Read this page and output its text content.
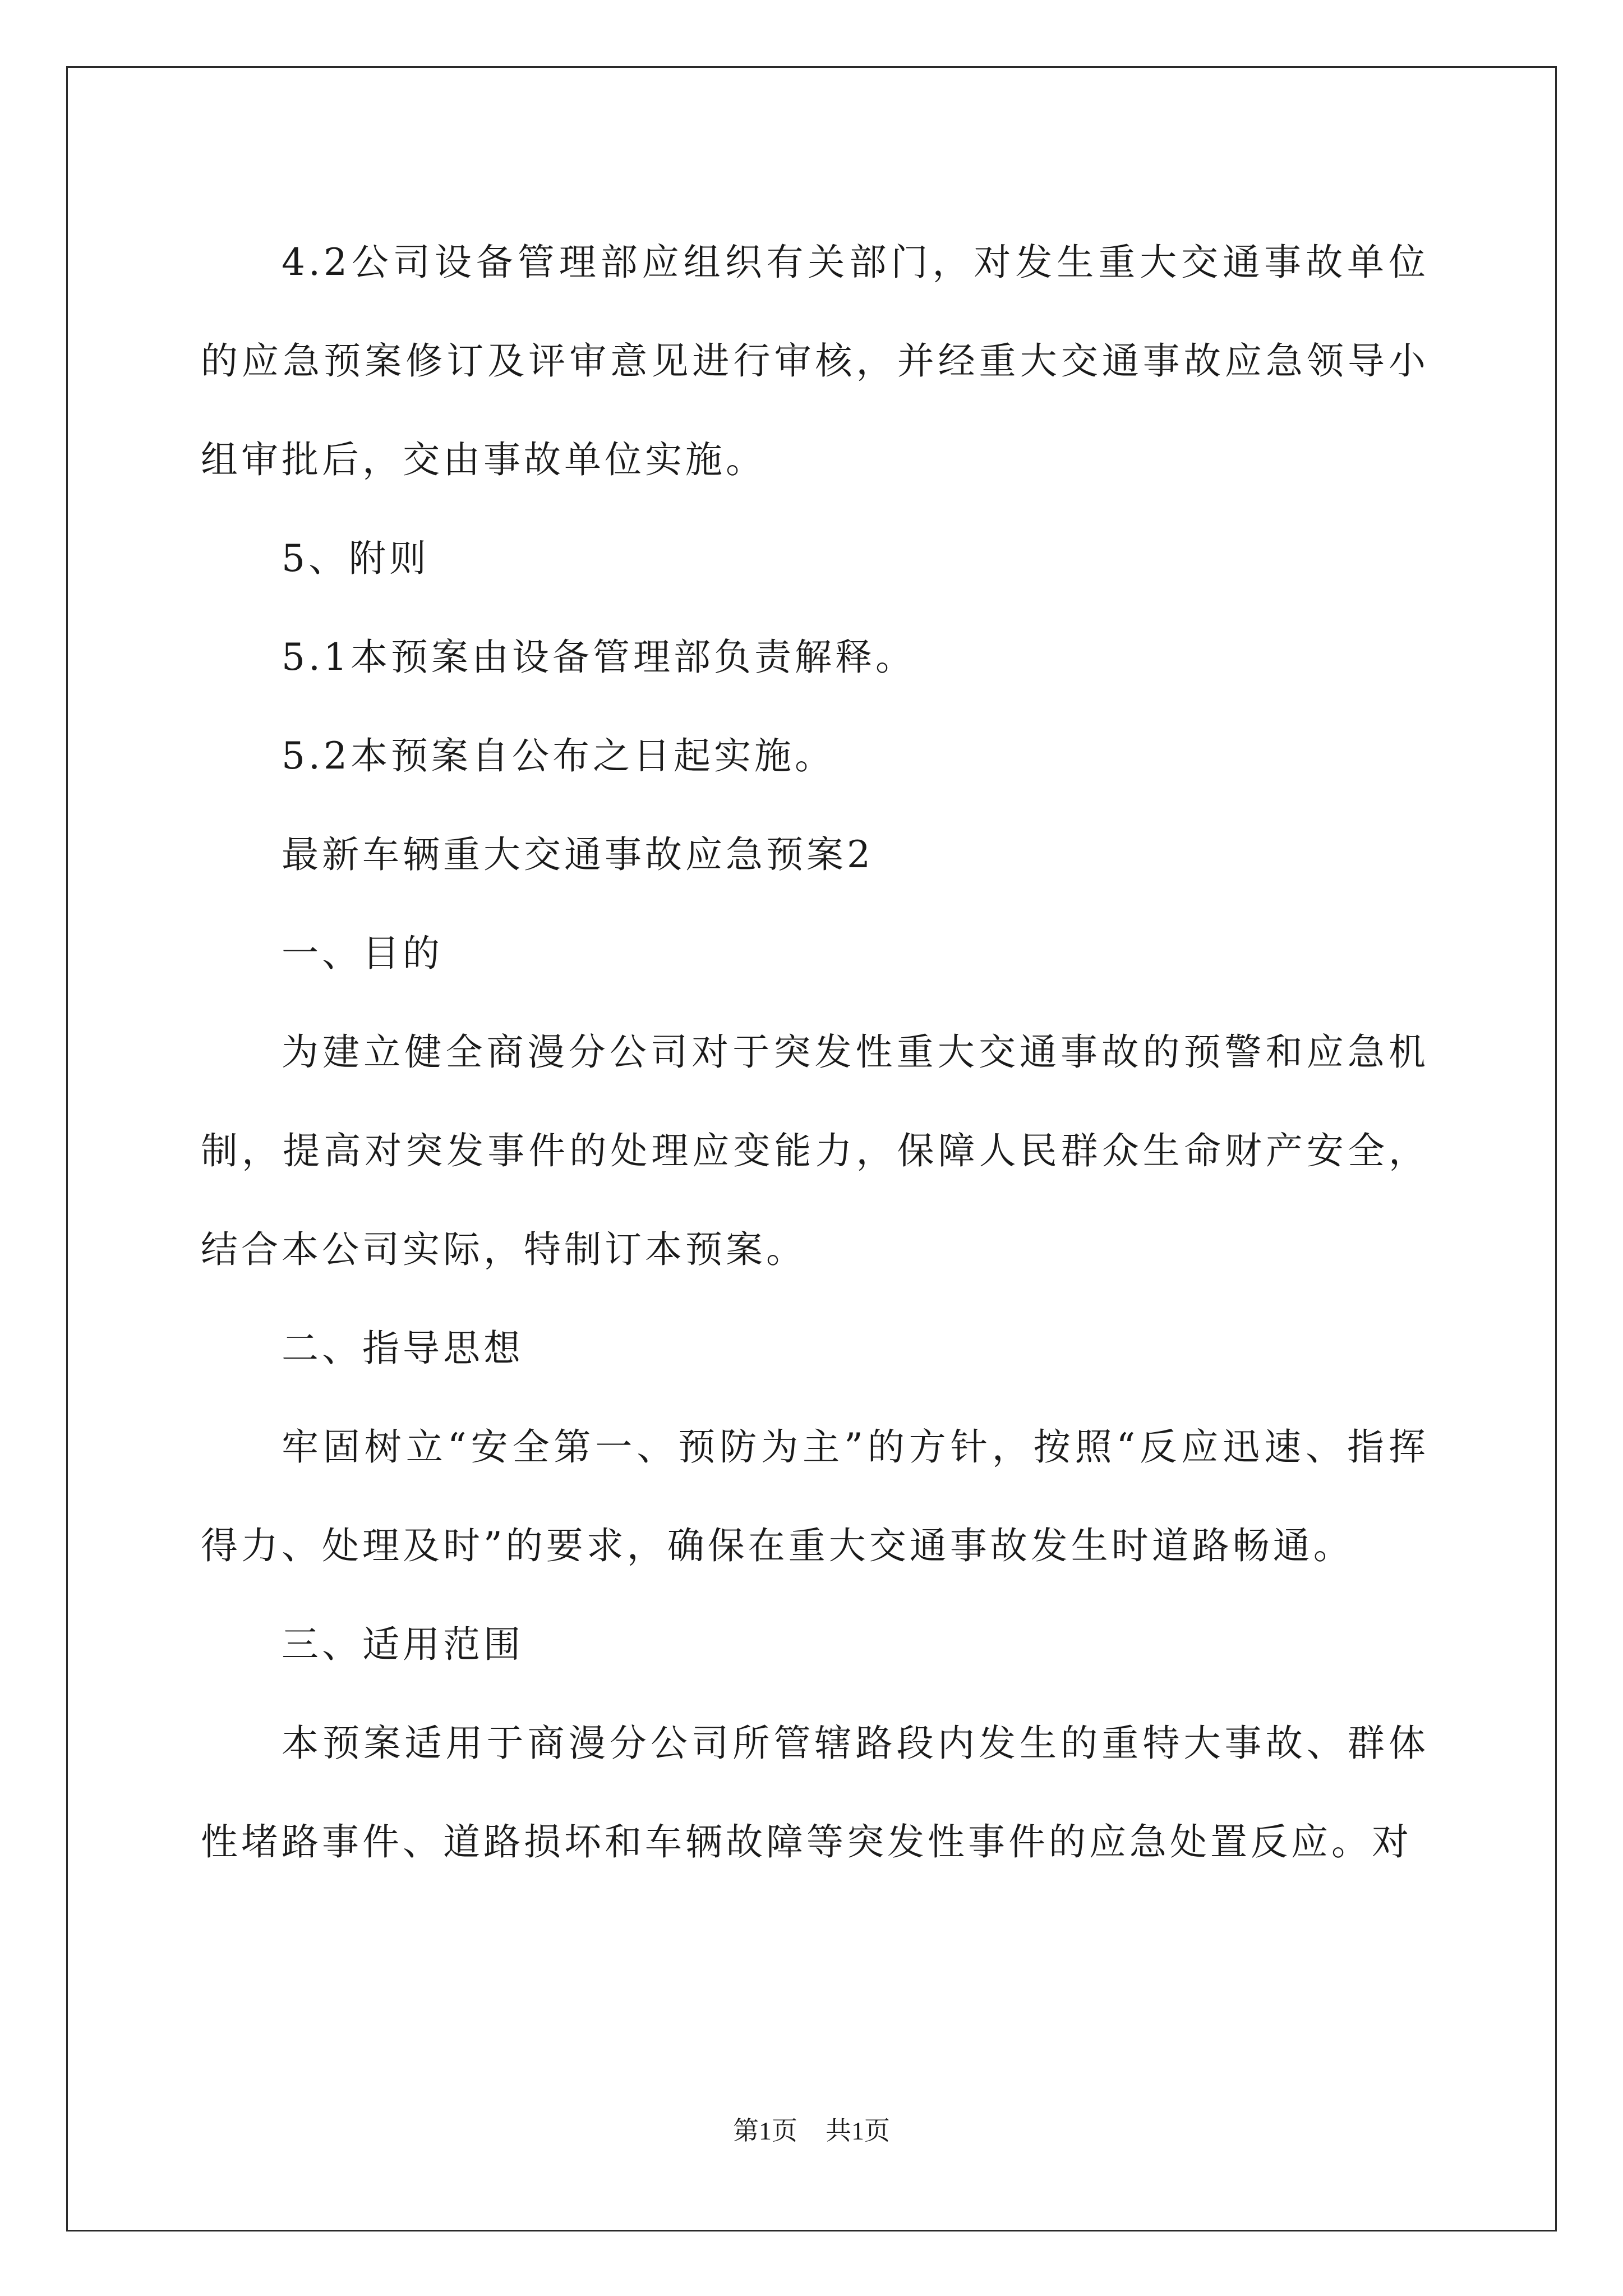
4.2公司设备管理部应组织有关部门，对发生重大交通事故单位的应急预案修订及评审意见进行审核，并经重大交通事故应急领导小组审批后，交由事故单位实施。

5、附则

5.1本预案由设备管理部负责解释。

5.2本预案自公布之日起实施。

最新车辆重大交通事故应急预案2

一、目的

为建立健全商漫分公司对于突发性重大交通事故的预警和应急机制，提高对突发事件的处理应变能力，保障人民群众生命财产安全，结合本公司实际，特制订本预案。

二、指导思想

牢固树立“安全第一、预防为主”的方针，按照“反应迅速、指挥得力、处理及时”的要求，确保在重大交通事故发生时道路畅通。

三、适用范围

本预案适用于商漫分公司所管辖路段内发生的重特大事故、群体性堵路事件、道路损坏和车辆故障等突发性事件的应急处置反应。对

第1页 共1页
